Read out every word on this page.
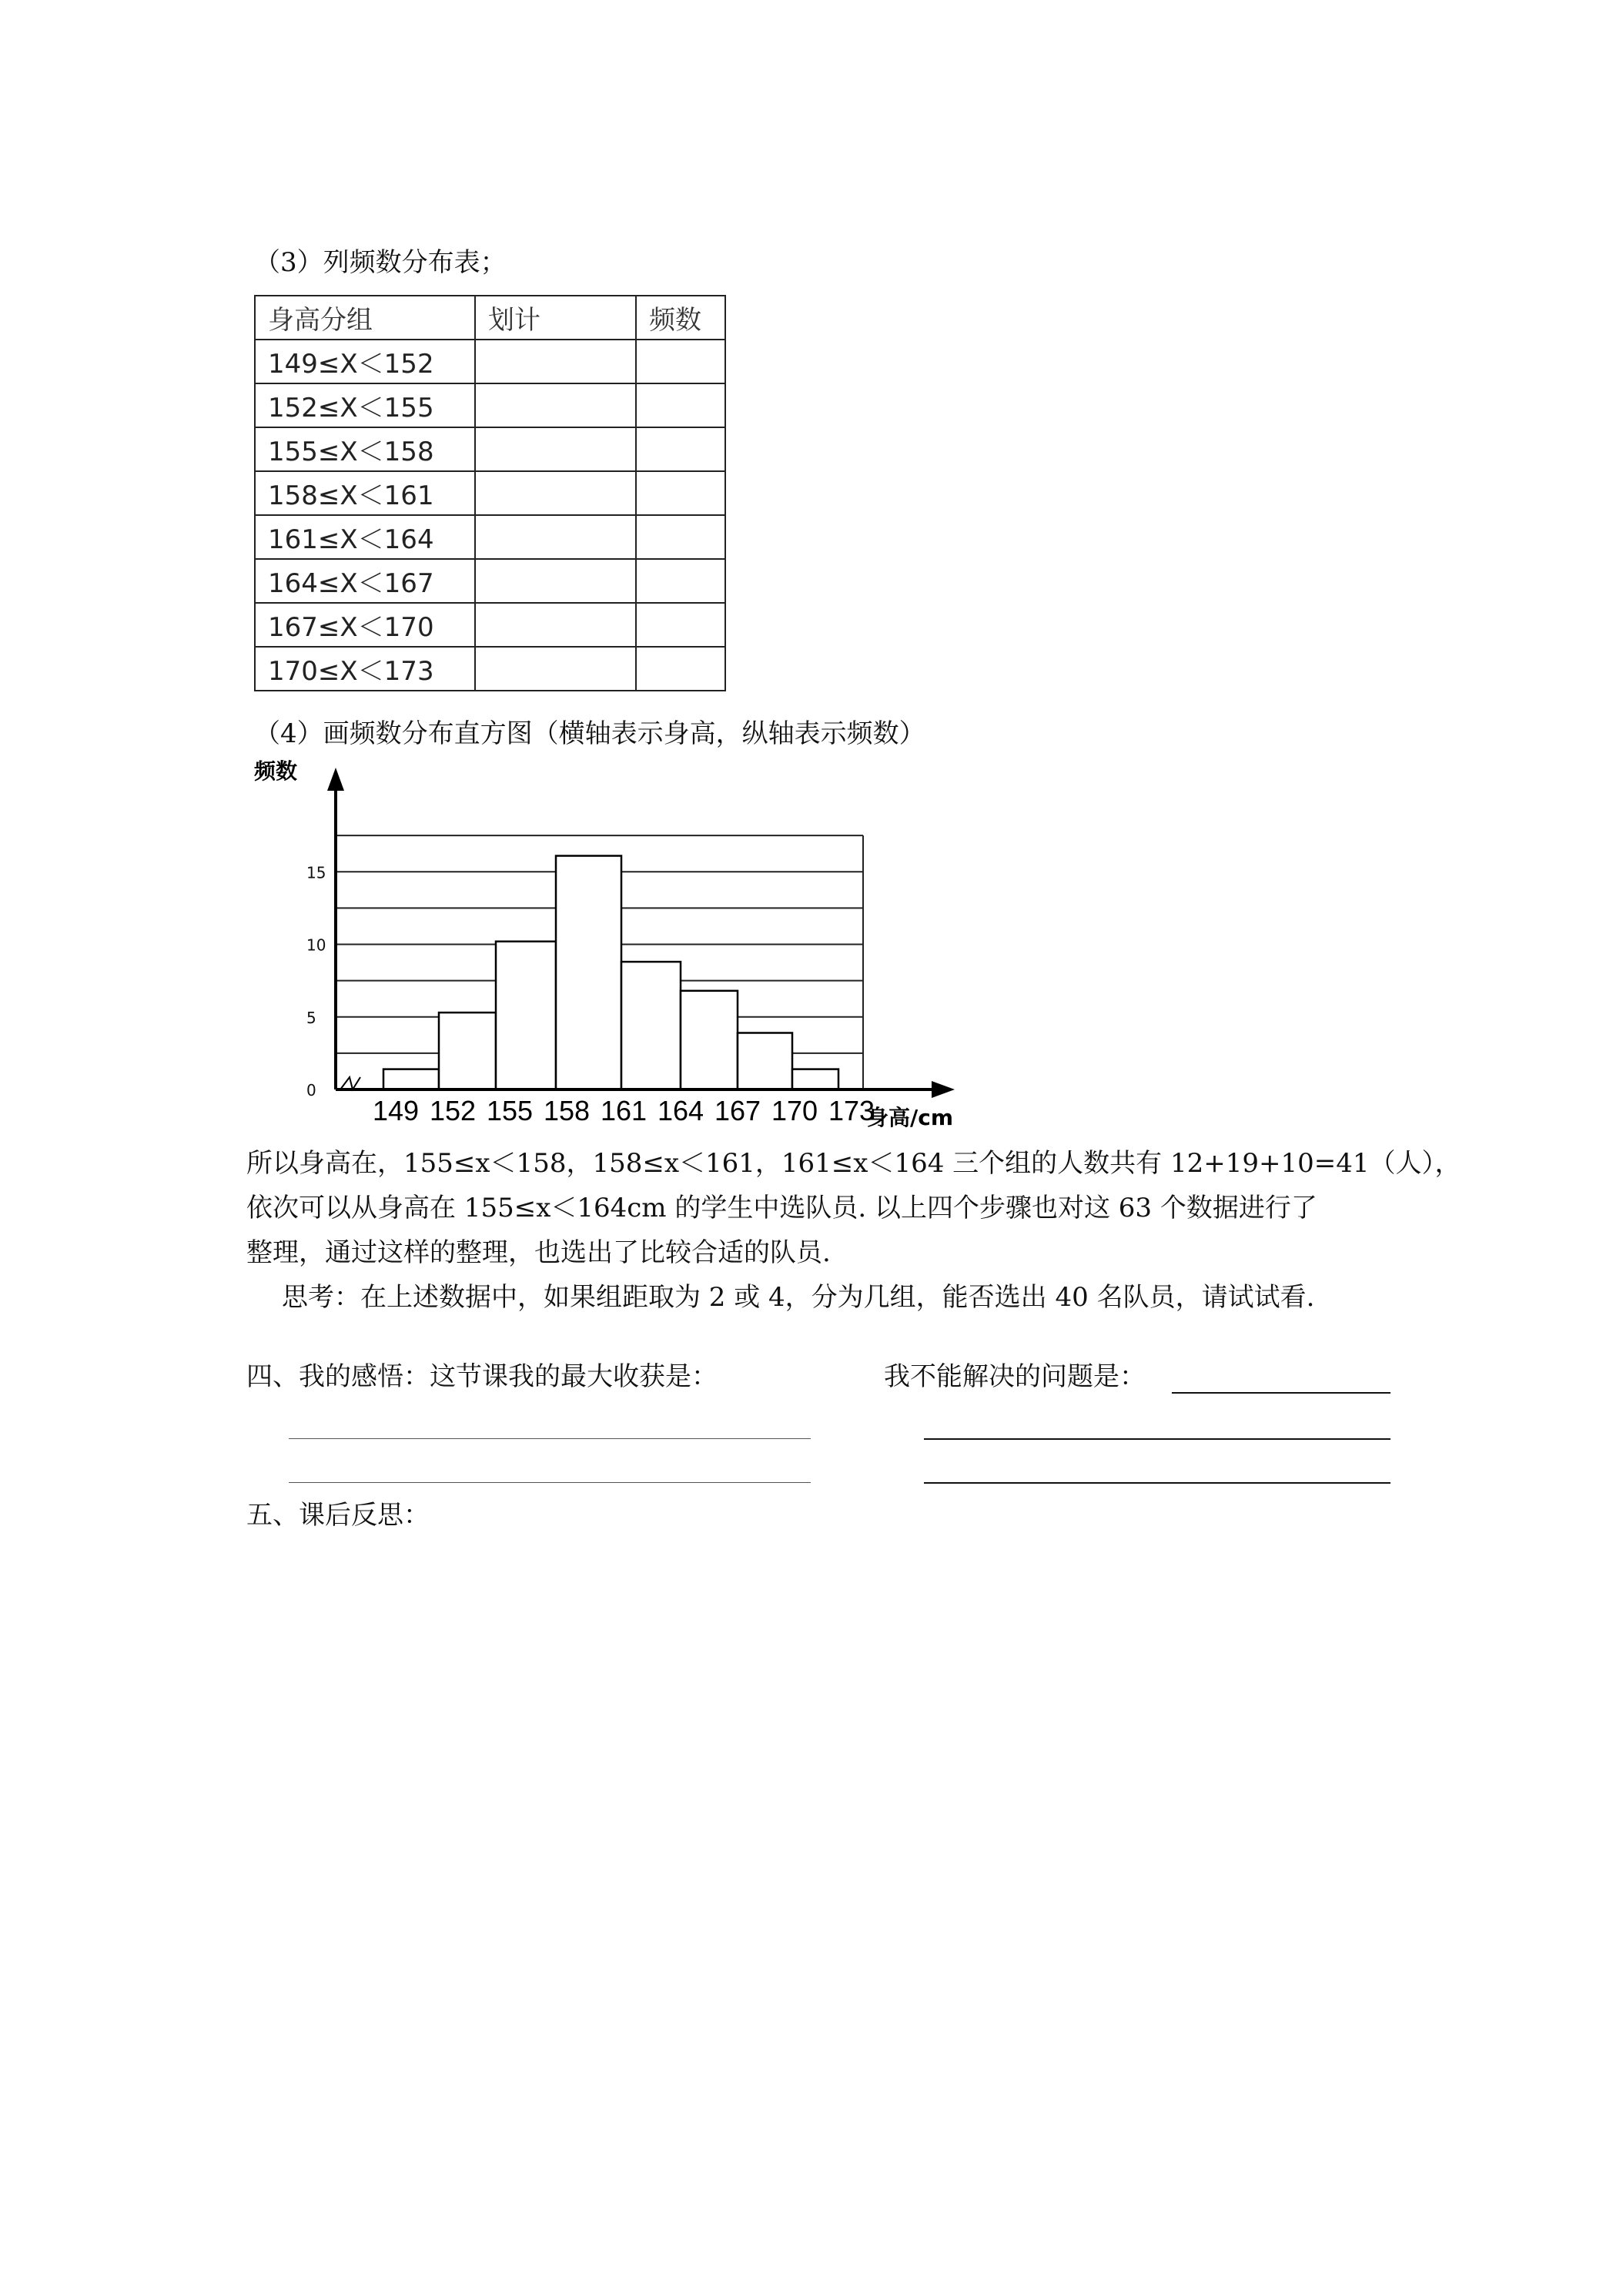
（3）列频数分布表；
身高分组	划计	频数
149≤X＜152		
152≤X＜155		
155≤X＜158		
158≤X＜161		
161≤X＜164		
164≤X＜167		
167≤X＜170		
170≤X＜173		
（4）画频数分布直方图（横轴表示身高，纵轴表示频数）
0
5
10
15
149 152 155 158 161 164 167 170 173
频数
身高/cm
所以身高在，155≤x＜158，158≤x＜161，161≤x＜164 三个组的人数共有 12+19+10=41（人），
依次可以从身高在 155≤x＜164cm 的学生中选队员. 以上四个步骤也对这 63 个数据进行了
整理，通过这样的整理，也选出了比较合适的队员.
思考：在上述数据中，如果组距取为 2 或 4，分为几组，能否选出 40 名队员，请试试看.
四、我的感悟：这节课我的最大收获是：	我不能解决的问题是：
五、课后反思：
